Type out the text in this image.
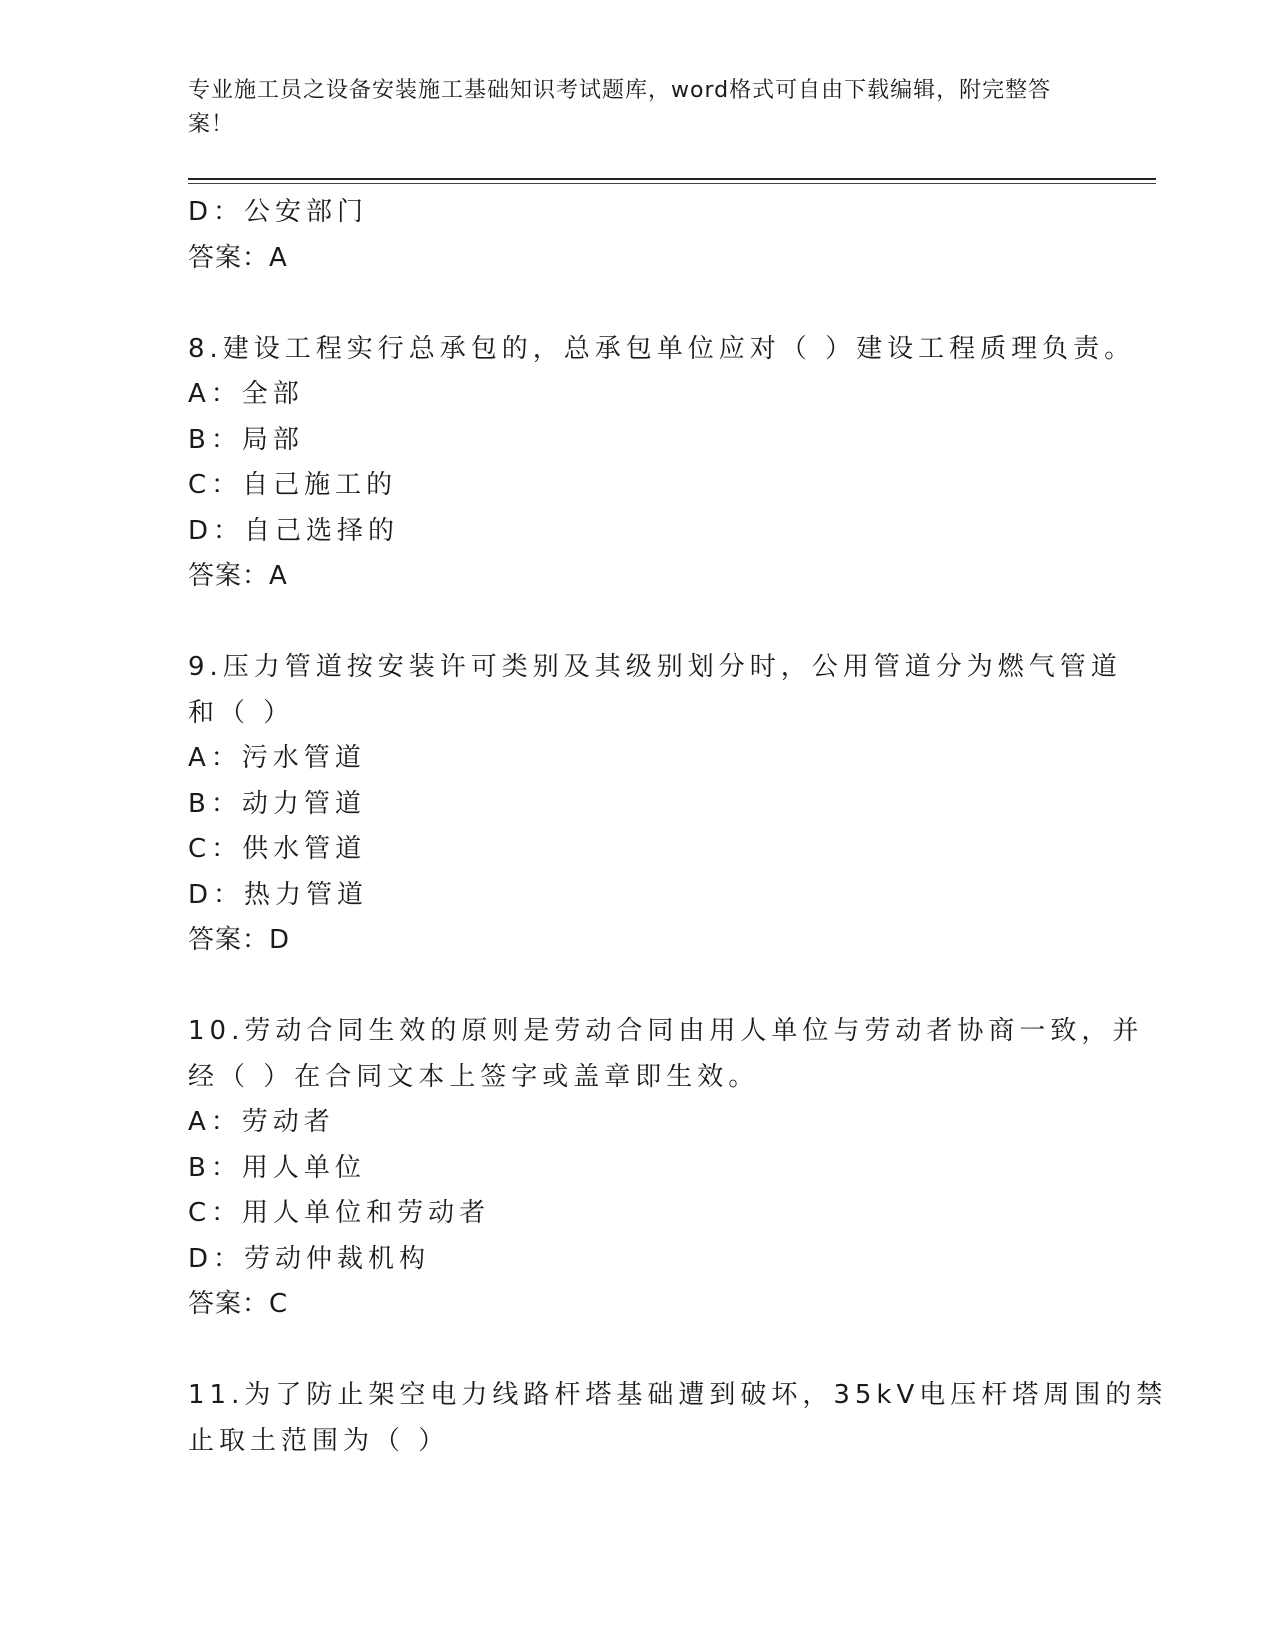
专业施工员之设备安装施工基础知识考试题库，word格式可自由下载编辑，附完整答案！
D：公安部门
答案：A
8.建设工程实行总承包的，总承包单位应对（ ）建设工程质理负责。
A：全部
B：局部
C：自己施工的
D：自己选择的
答案：A
9.压力管道按安装许可类别及其级别划分时，公用管道分为燃气管道
和（ ）
A：污水管道
B：动力管道
C：供水管道
D：热力管道
答案：D
10.劳动合同生效的原则是劳动合同由用人单位与劳动者协商一致，并
经（ ）在合同文本上签字或盖章即生效。
A：劳动者
B：用人单位
C：用人单位和劳动者
D：劳动仲裁机构
答案：C
11.为了防止架空电力线路杆塔基础遭到破坏，35kV电压杆塔周围的禁
止取土范围为（ ）
